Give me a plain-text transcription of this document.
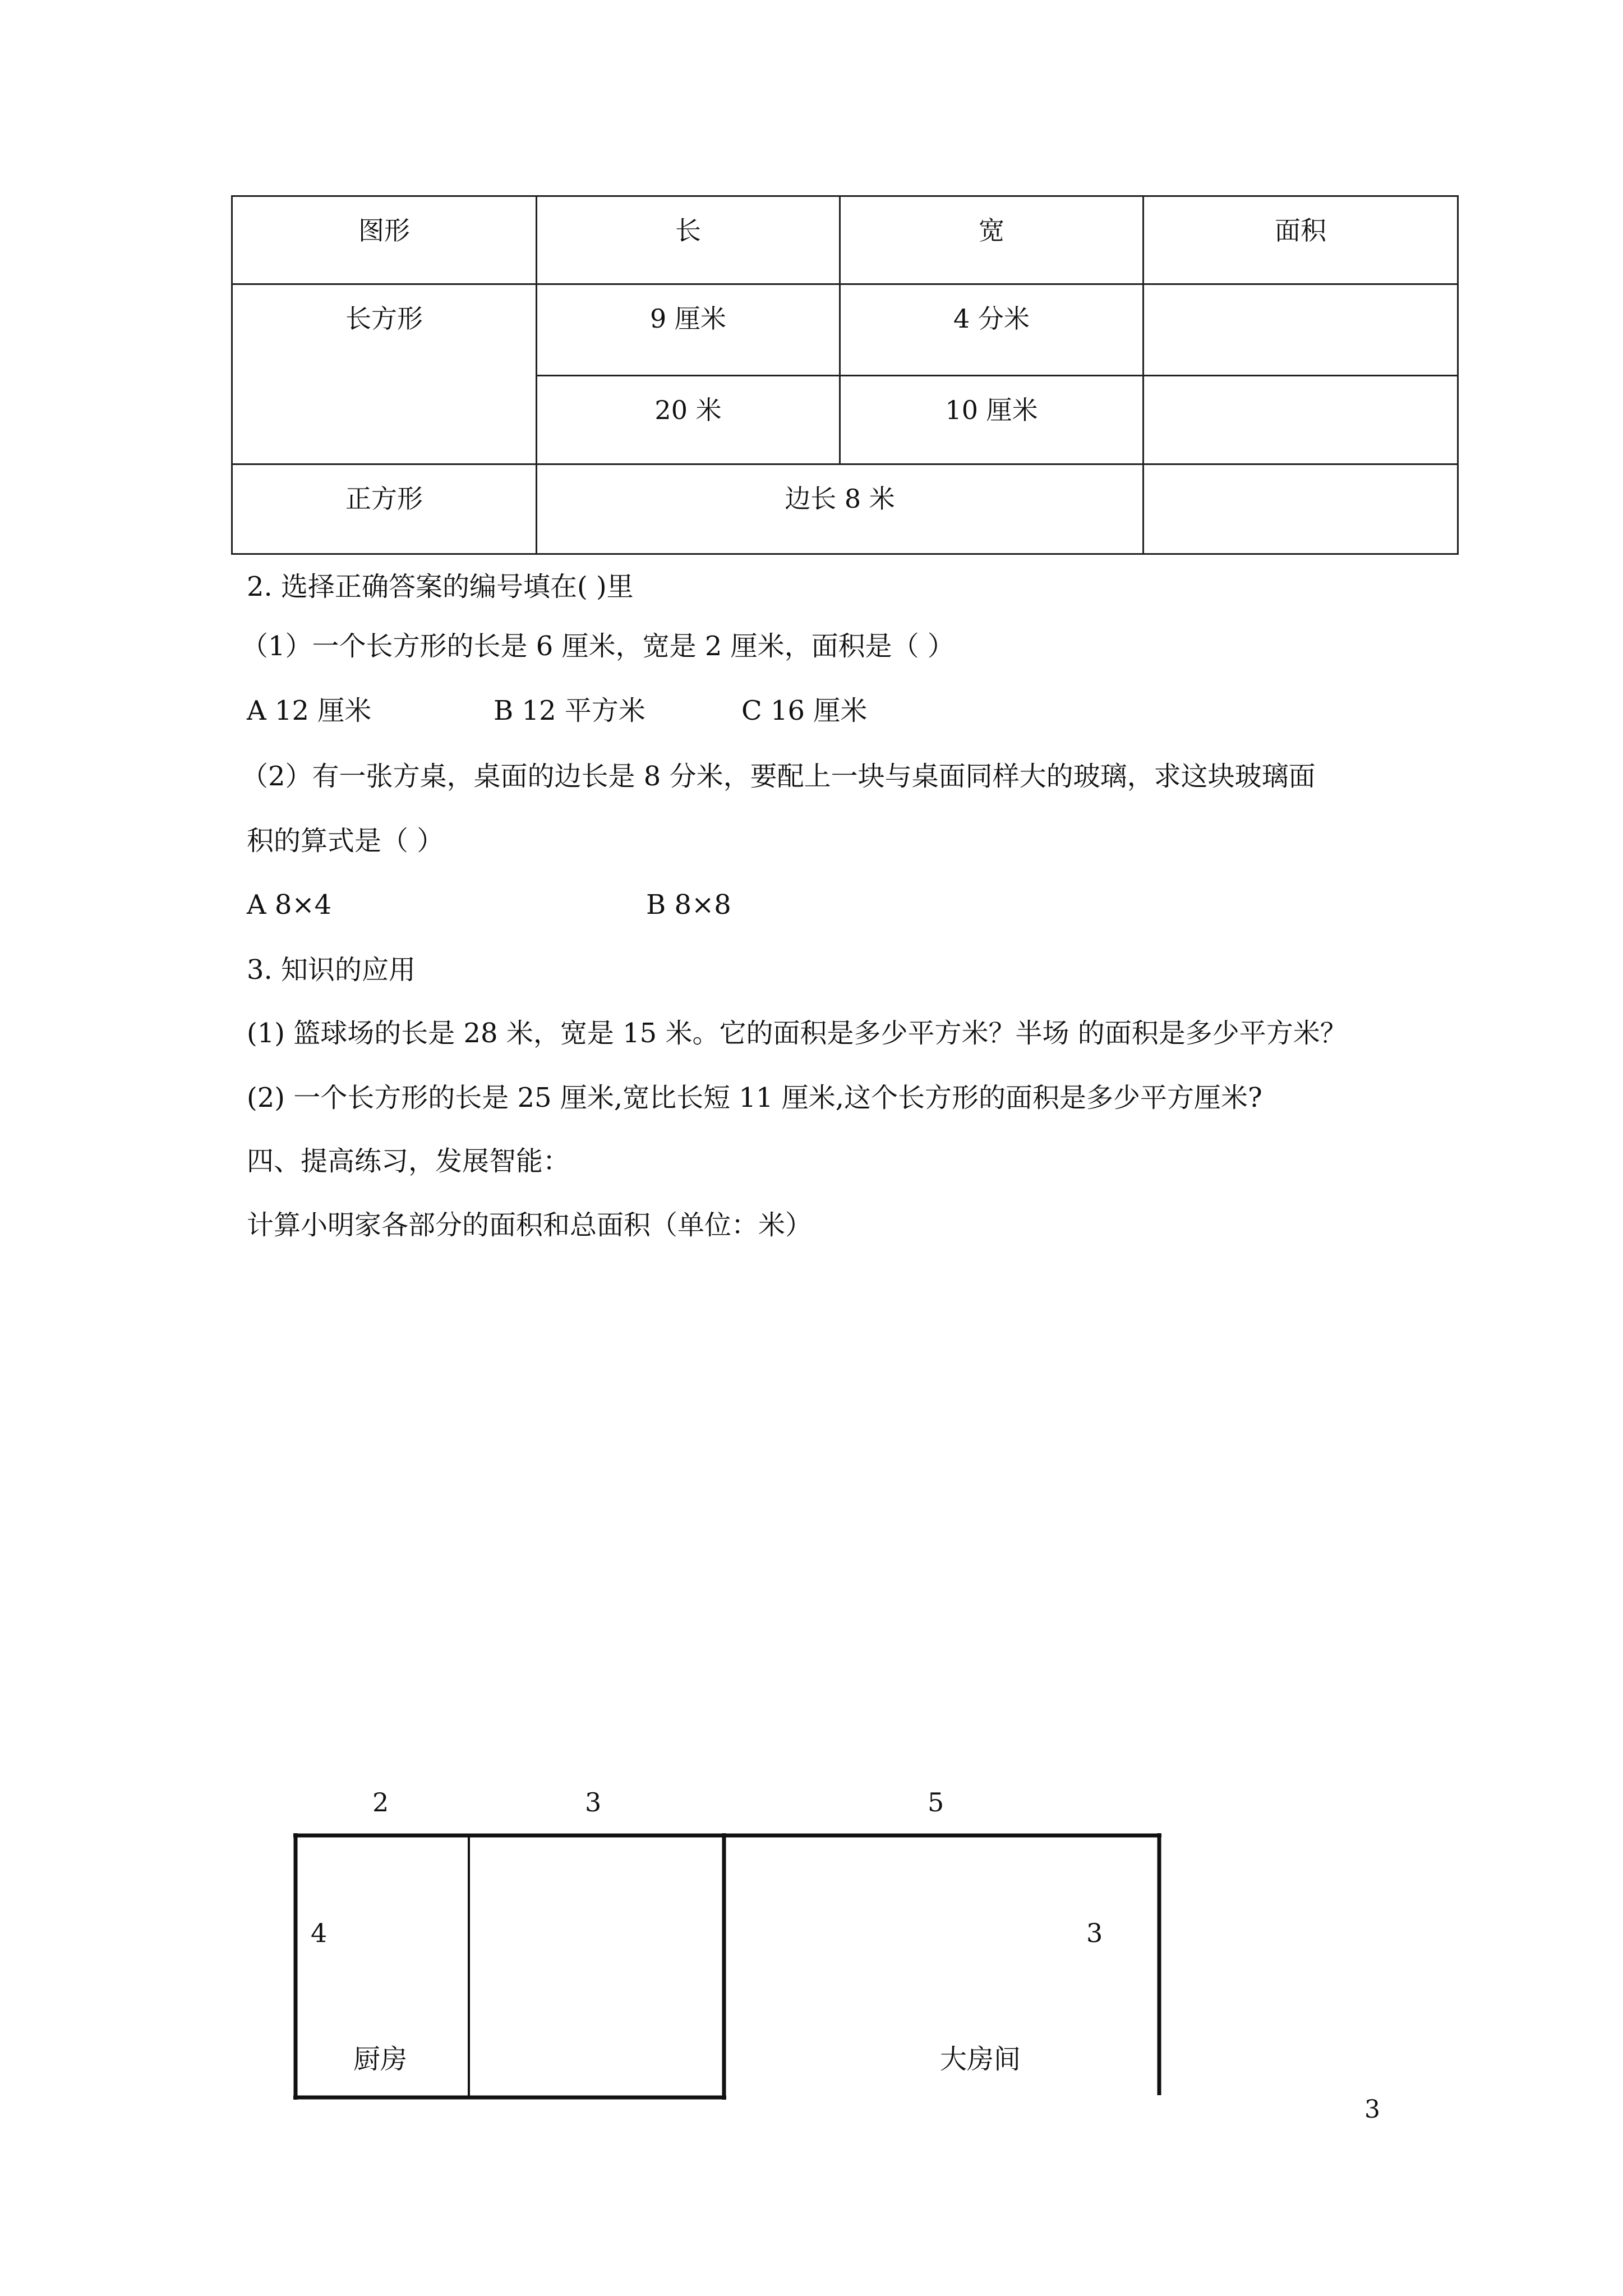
图形	长	宽	面积
长方形	9 厘米	4 分米	
	20 米	10 厘米	
正方形	边长 8 米		
2. 选择正确答案的编号填在( )里
（1）一个长方形的长是 6 厘米，宽是 2 厘米，面积是（ ）
A 12 厘米	B 12 平方米	C 16 厘米
（2）有一张方桌，桌面的边长是 8 分米，要配上一块与桌面同样大的玻璃，求这块玻璃面
积的算式是（ ）
A 8×4	B 8×8
3. 知识的应用
(1) 篮球场的长是 28 米，宽是 15 米。它的面积是多少平方米？半场 的面积是多少平方米？
(2) 一个长方形的长是 25 厘米,宽比长短 11 厘米,这个长方形的面积是多少平方厘米?
四、提高练习，发展智能：
计算小明家各部分的面积和总面积（单位：米）
2	3	5
4	3
厨房	大房间
3
